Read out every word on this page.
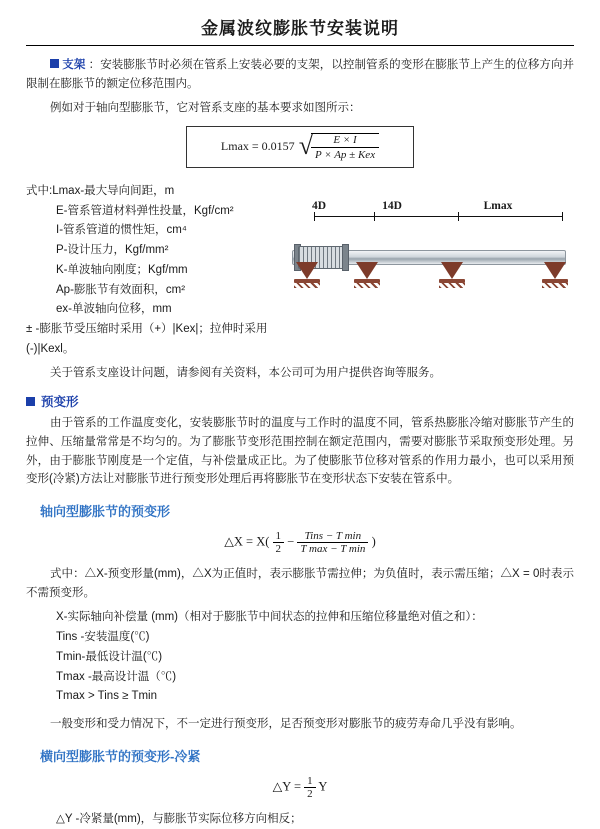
金属波纹膨胀节安装说明

支架 ：安装膨胀节时必须在管系上安装必要的支架，以控制管系的变形在膨胀节上产生的位移方向并限制在膨胀节的额定位移范围内。

例如对于轴向型膨胀节，它对管系支座的基本要求如图所示：

Lmax = 0.0157 √
$\frac{E \times I}{\text{P × Ap ± Kex}}$
式中:Lmax-最大导向间距，m
E-管系管道材料弹性投量，Kgf/cm²
I-管系管道的惯性矩，cm⁴
P-设计压力，Kgf/mm²
K-单波轴向刚度；Kgf/mm
Ap-膨胀节有效面积，cm²
ex-单波轴向位移，mm
± -膨胀节受压缩时采用（+）|Kex|；拉伸时采用(-)|Kexl。
4D	14D	Lmax

关于管系支座设计问题，请参阅有关资料，本公司可为用户提供咨询等服务。

预变形

由于管系的工作温度变化，安装膨胀节时的温度与工作时的温度不同，管系热膨胀冷缩对膨胀节产生的拉伸、压缩量常常是不均匀的。为了膨胀节变形范围控制在额定范围内，需要对膨胀节采取预变形处理。另外，由于膨胀节刚度是一个定值，与补偿量成正比。为了使膨胀节位移对管系的作用力最小，也可以采用预变形(冷紧)方法让对膨胀节进行预变形处理后再将膨胀节在变形状态下安装在管系中。

轴向型膨胀节的预变形
△X = $X( \frac{1}{2}$ − Tins − T min
T max − T min
)

式中：△X-预变形量(mm)，△X为正值时，表示膨胀节需拉伸；为负值时，表示需压缩；△X = 0时表示不需预变形。

X-实际轴向补偿量 (mm)（相对于膨胀节中间状态的拉伸和压缩位移量绝对值之和）：
Tins -安装温度(℃)
Tmin-最低设计温(℃)
Tmax -最高设计温（℃)
Tmax > Tins ≥ Tmin

一般变形和受力情况下，不一定进行预变形，足否预变形对膨胀节的疲劳寿命几乎没有影响。

横向型膨胀节的预变形-冷紧
△Y = $\frac{1}{2}$ Y

△Y -冷紧量(mm)，与膨胀节实际位移方向相反；
